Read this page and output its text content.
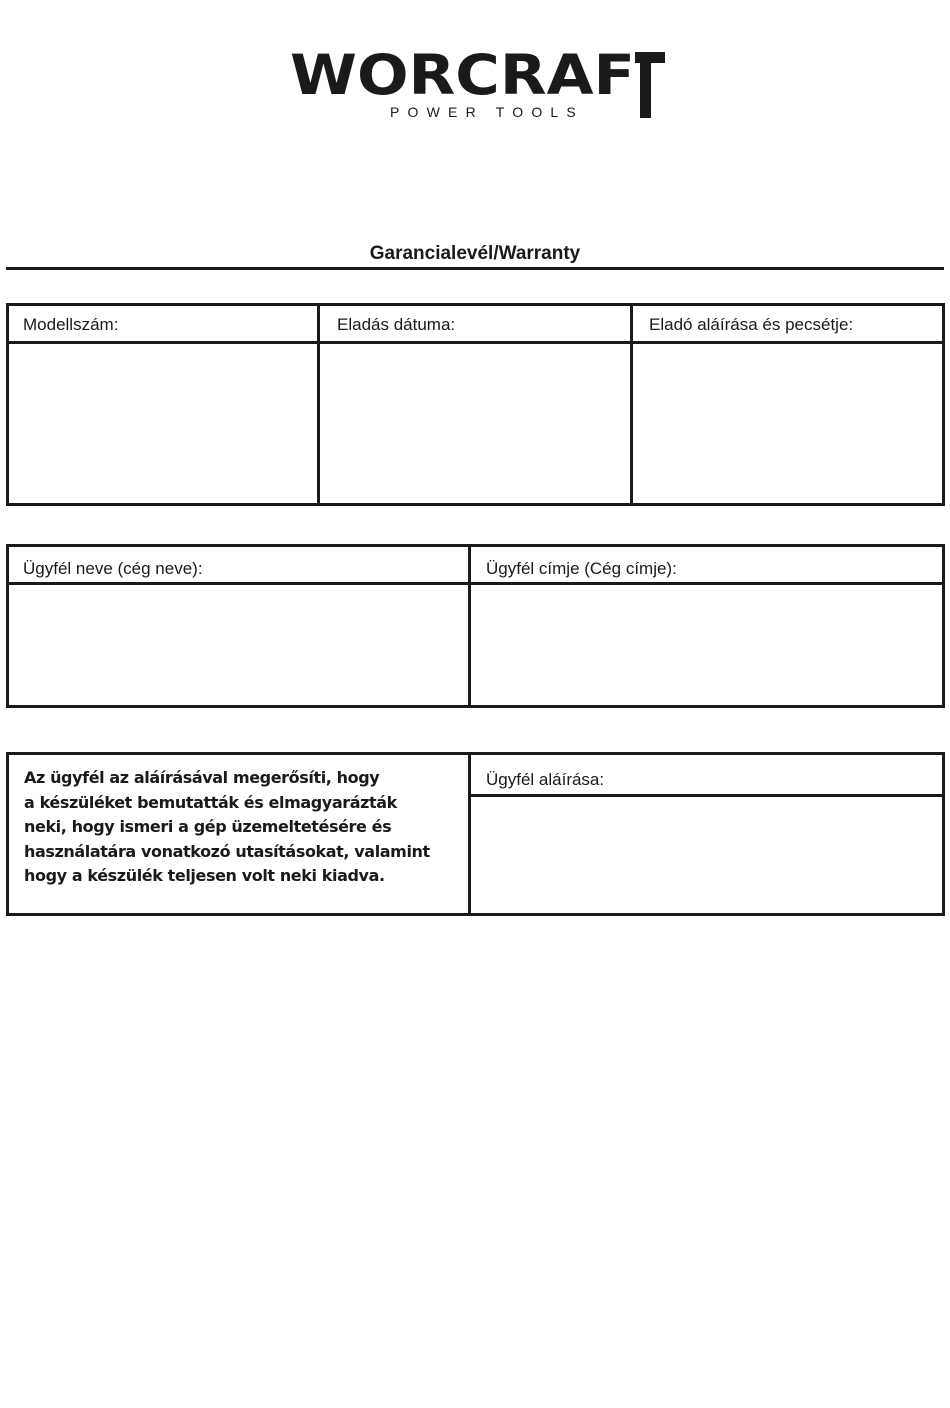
WORCRAF
POWER TOOLS
Garancialevél/Warranty
Modellszám:	Eladás dátuma:	Eladó aláírása és pecsétje:
Ügyfél neve (cég neve):	Ügyfél címje (Cég címje):
Az ügyfél az aláírásával megerősíti, hogy
a készüléket bemutatták és elmagyarázták
neki, hogy ismeri a gép üzemeltetésére és
használatára vonatkozó utasításokat, valamint
hogy a készülék teljesen volt neki kiadva.
Ügyfél aláírása:
